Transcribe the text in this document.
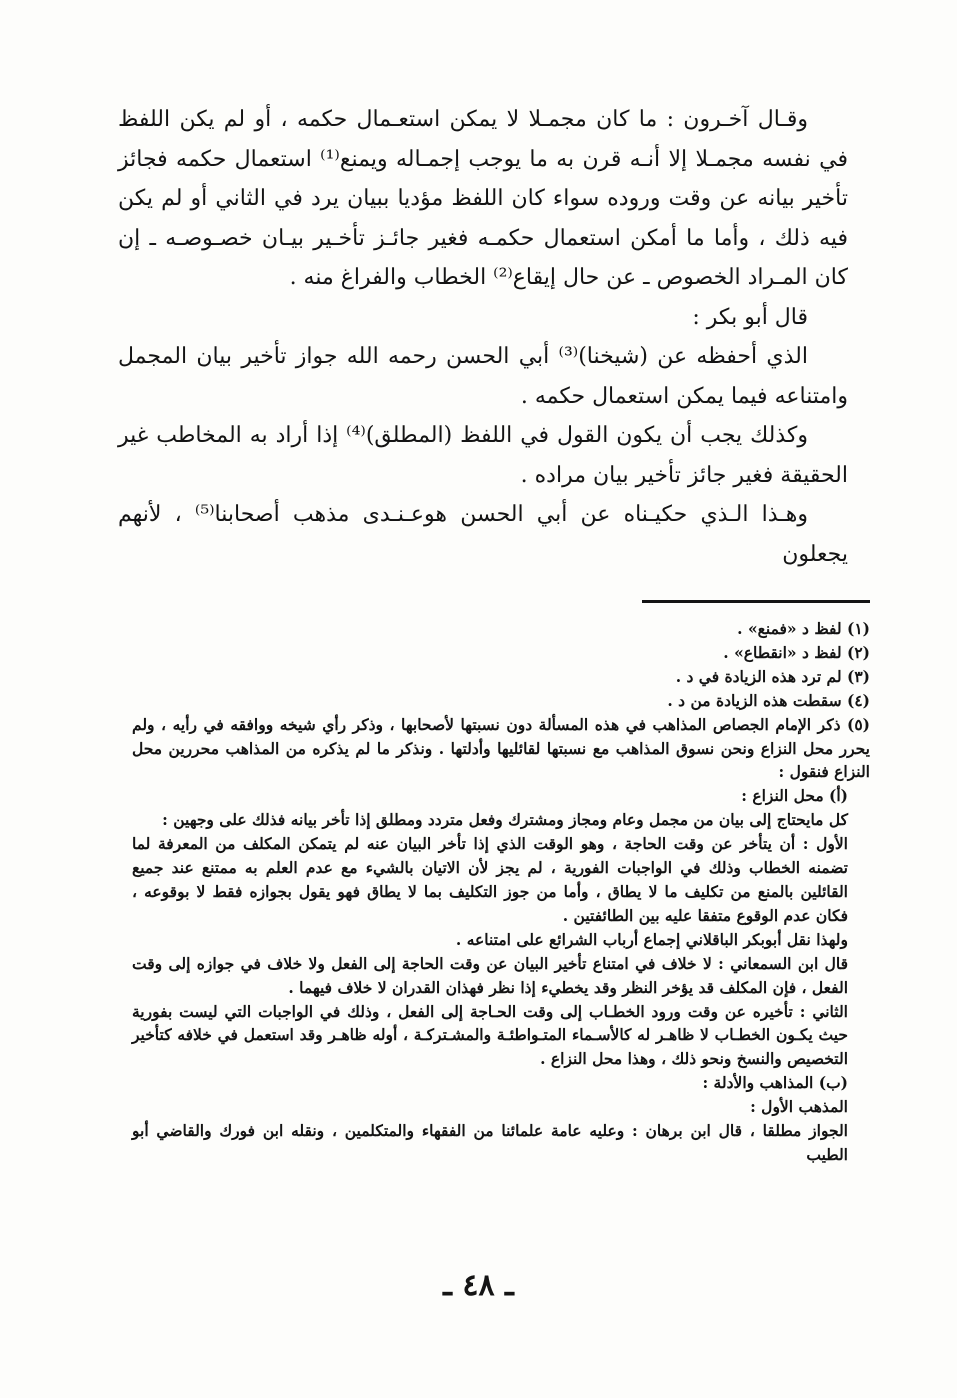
وقـال آخـرون : ما كان مجمـلا لا يمكن استعـمال حكمه ، أو لم يكن اللفظ في نفسه مجمـلا إلا أنـه قرن به ما يوجب إجمـاله ويمنع⁽¹⁾ استعمال حكمه فجائز تأخير بيانه عن وقت وروده سواء كان اللفظ مؤديا ببيان يرد في الثاني أو لم يكن فيه ذلك ، وأما ما أمكن استعمال حكمـه فغير جائـز تأخـير بيـان خصـوصـه ـ إن كان المـراد الخصوص ـ عن حال إيقاع⁽²⁾ الخطاب والفراغ منه .

قال أبو بكر :

الذي أحفظه عن (شيخنا)⁽³⁾ أبي الحسن رحمه الله جواز تأخير بيان المجمل وامتناعه فيما يمكن استعمال حكمه .

وكذلك يجب أن يكون القول في اللفظ (المطلق)⁽⁴⁾ إذا أراد به المخاطب غير الحقيقة فغير جائز تأخير بيان مراده .

وهـذا الـذي حكيـناه عن أبي الحسن هوعـنـدى مذهب أصحابنا⁽⁵⁾ ، لأنهم يجعلون

(١) لفظ د «فمنع» .

(٢) لفظ د «انقطاع» .

(٣) لم ترد هذه الزيادة في د .

(٤) سقطت هذه الزيادة من د .

(٥) ذكر الإمام الجصاص المذاهب في هذه المسألة دون نسبتها لأصحابها ، وذكر رأي شيخه ووافقه في رأيه ، ولم يحرر محل النزاع ونحن نسوق المذاهب مع نسبتها لقائليها وأدلتها . ونذكر ما لم يذكره من المذاهب محررين محل النزاع فنقول :

(أ) محل النزاع :

كل مايحتاج إلى بيان من مجمل وعام ومجاز ومشترك وفعل متردد ومطلق إذا تأخر بيانه فذلك على وجهين :

الأول : أن يتأخر عن وقت الحاجة ، وهو الوقت الذي إذا تأخر البيان عنه لم يتمكن المكلف من المعرفة لما تضمنه الخطاب وذلك في الواجبات الفورية ، لم يجز لأن الاتيان بالشيء مع عدم العلم به ممتنع عند جميع القائلين بالمنع من تكليف ما لا يطاق ، وأما من جوز التكليف بما لا يطاق فهو يقول بجوازه فقط لا بوقوعه ، فكان عدم الوقوع متفقا عليه بين الطائفتين .

ولهذا نقل أبوبكر الباقلاني إجماع أرباب الشرائع على امتناعه .

قال ابن السمعاني : لا خلاف في امتناع تأخير البيان عن وقت الحاجة إلى الفعل ولا خلاف في جوازه إلى وقت الفعل ، فإن المكلف قد يؤخر النظر وقد يخطيء إذا نظر فهذان القدران لا خلاف فيهما .

الثاني : تأخيره عن وقت ورود الخطـاب إلى وقت الحـاجة إلى الفعل ، وذلك في الواجبات التي ليست بفورية حيث يكـون الخطـاب لا ظاهـر له كالأسـماء المتـواطئـة والمشـتركـة ، أوله ظاهـر وقد استعمل في خلافه كتأخير التخصيص والنسخ ونحو ذلك ، وهذا محل النزاع .

(ب) المذاهب والأدلة :

المذهب الأول :

الجواز مطلقا ، قال ابن برهان : وعليه عامة علمائنا من الفقهاء والمتكلمين ، ونقله ابن فورك والقاضي أبو الطيب

ـ ٤٨ ـ
